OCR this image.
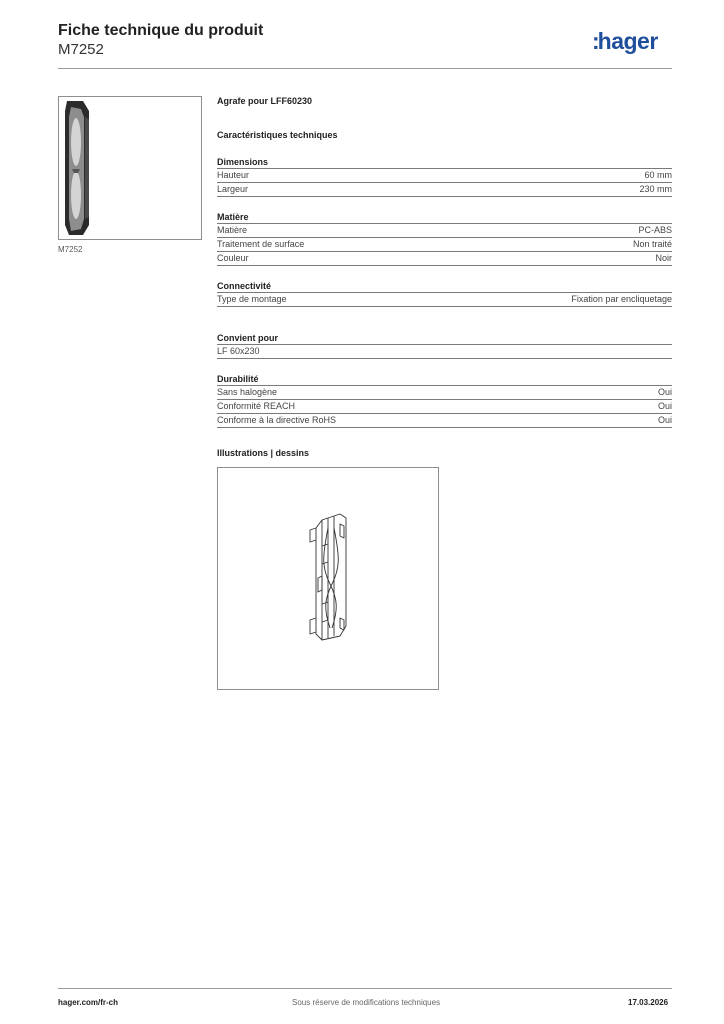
Fiche technique du produit
M7252	:hager
M7252
Agrafe pour LFF60230
Caractéristiques techniques
Dimensions
Hauteur	60 mm
Largeur	230 mm
Matière
Matière	PC-ABS
Traitement de surface	Non traité
Couleur	Noir
Connectivité
Type de montage	Fixation par encliquetage
Convient pour
LF 60x230
Durabilité
Sans halogène	Oui
Conformité REACH	Oui
Conforme à la directive RoHS	Oui
Illustrations | dessins
hager.com/fr-ch	Sous réserve de modifications techniques	17.03.2026
